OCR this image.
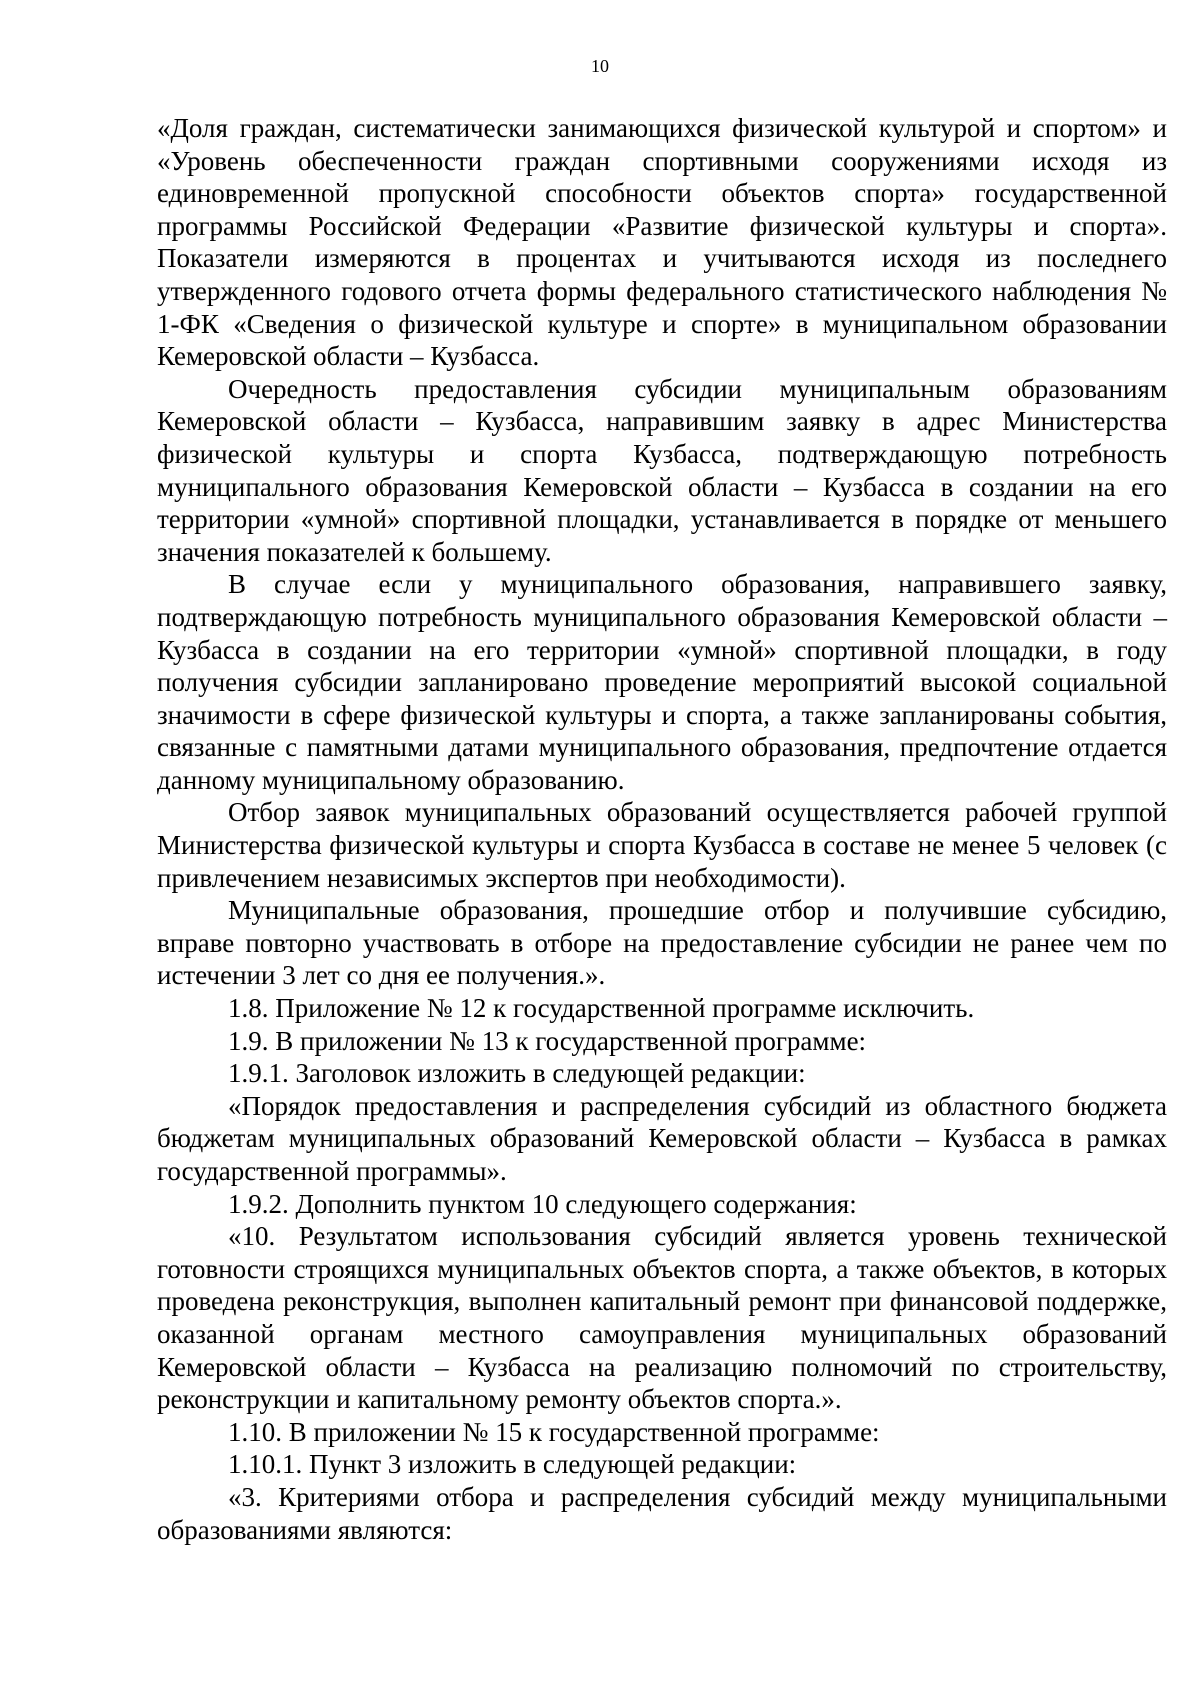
10

«Доля граждан, систематически занимающихся физической культурой и спортом» и «Уровень обеспеченности граждан спортивными сооружениями исходя из единовременной пропускной способности объектов спорта» государственной программы Российской Федерации «Развитие физической культуры и спорта». Показатели измеряются в процентах и учитываются исходя из последнего утвержденного годового отчета формы федерального статистического наблюдения № 1-ФК «Сведения о физической культуре и спорте» в муниципальном образовании Кемеровской области – Кузбасса.

Очередность предоставления субсидии муниципальным образованиям Кемеровской области – Кузбасса, направившим заявку в адрес Министерства физической культуры и спорта Кузбасса, подтверждающую потребность муниципального образования Кемеровской области – Кузбасса в создании на его территории «умной» спортивной площадки, устанавливается в порядке от меньшего значения показателей к большему.

В случае если у муниципального образования, направившего заявку, подтверждающую потребность муниципального образования Кемеровской области – Кузбасса в создании на его территории «умной» спортивной площадки, в году получения субсидии запланировано проведение мероприятий высокой социальной значимости в сфере физической культуры и спорта, а также запланированы события, связанные с памятными датами муниципального образования, предпочтение отдается данному муниципальному образованию.

Отбор заявок муниципальных образований осуществляется рабочей группой Министерства физической культуры и спорта Кузбасса в составе не менее 5 человек (с привлечением независимых экспертов при необходимости).

Муниципальные образования, прошедшие отбор и получившие субсидию, вправе повторно участвовать в отборе на предоставление субсидии не ранее чем по истечении 3 лет со дня ее получения.».

1.8. Приложение № 12 к государственной программе исключить.

1.9. В приложении № 13 к государственной программе:

1.9.1. Заголовок изложить в следующей редакции:

«Порядок предоставления и распределения субсидий из областного бюджета бюджетам муниципальных образований Кемеровской области – Кузбасса в рамках государственной программы».

1.9.2. Дополнить пунктом 10 следующего содержания:

«10. Результатом использования субсидий является уровень технической готовности строящихся муниципальных объектов спорта, а также объектов, в которых проведена реконструкция, выполнен капитальный ремонт при финансовой поддержке, оказанной органам местного самоуправления муниципальных образований Кемеровской области – Кузбасса на реализацию полномочий по строительству, реконструкции и капитальному ремонту объектов спорта.».

1.10. В приложении № 15 к государственной программе:

1.10.1. Пункт 3 изложить в следующей редакции:

«3. Критериями отбора и распределения субсидий между муниципальными образованиями являются:
